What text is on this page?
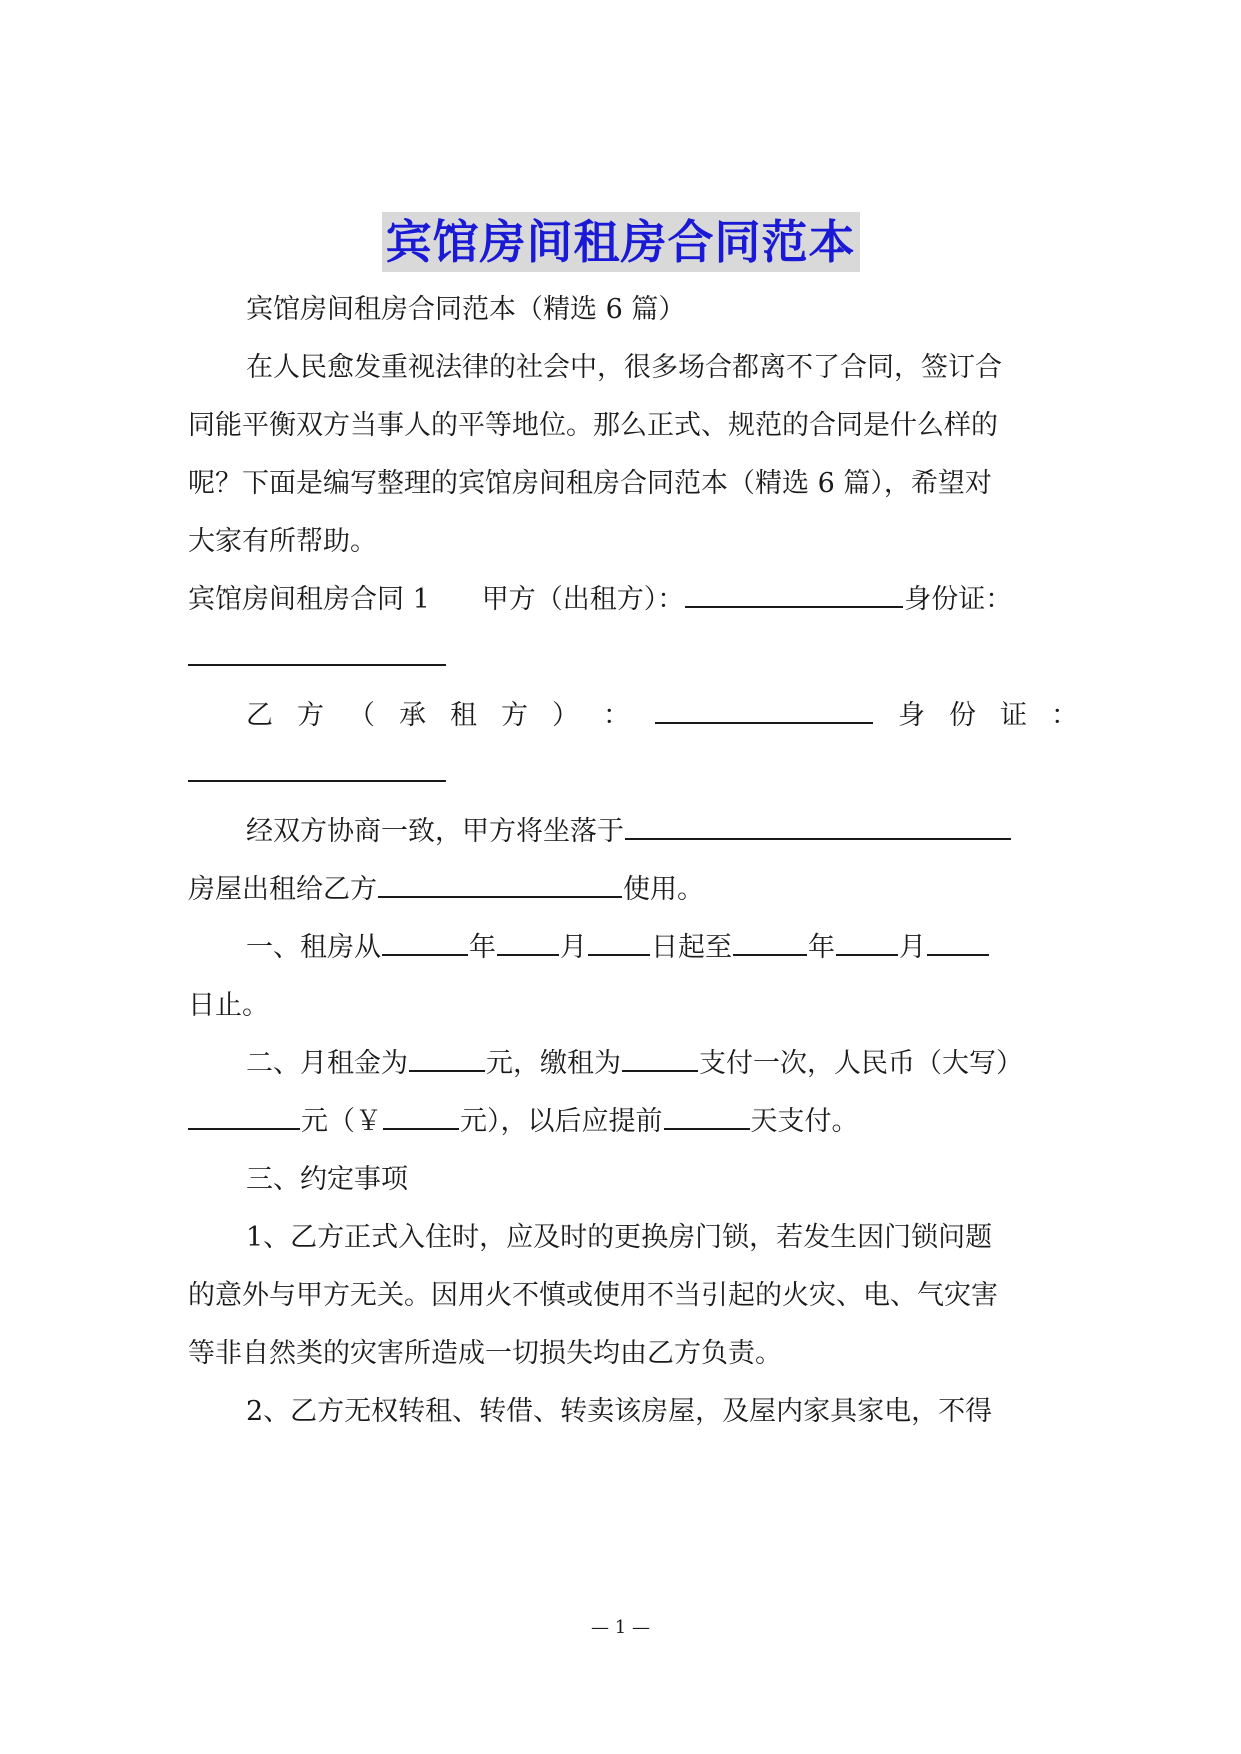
宾馆房间租房合同范本
宾馆房间租房合同范本（精选 6 篇）
在人民愈发重视法律的社会中，很多场合都离不了合同，签订合
同能平衡双方当事人的平等地位。那么正式、规范的合同是什么样的
呢？下面是编写整理的宾馆房间租房合同范本（精选 6 篇），希望对
大家有所帮助。
宾馆房间租房合同 1 甲方（出租方）：	身份证：
乙 方 （ 承 租 方 ） ：	身 份 证 ：
经双方协商一致，甲方将坐落于
房屋出租给乙方	使用。
一、租房从	年 月 日起至	年 月
日止。
二、月租金为	元，缴租为	支付一次，人民币（大写）
元（￥	元），以后应提前	天支付。
三、约定事项
1、乙方正式入住时，应及时的更换房门锁，若发生因门锁问题
的意外与甲方无关。因用火不慎或使用不当引起的火灾、电、气灾害
等非自然类的灾害所造成一切损失均由乙方负责。
2、乙方无权转租、转借、转卖该房屋，及屋内家具家电，不得
— 1 —
